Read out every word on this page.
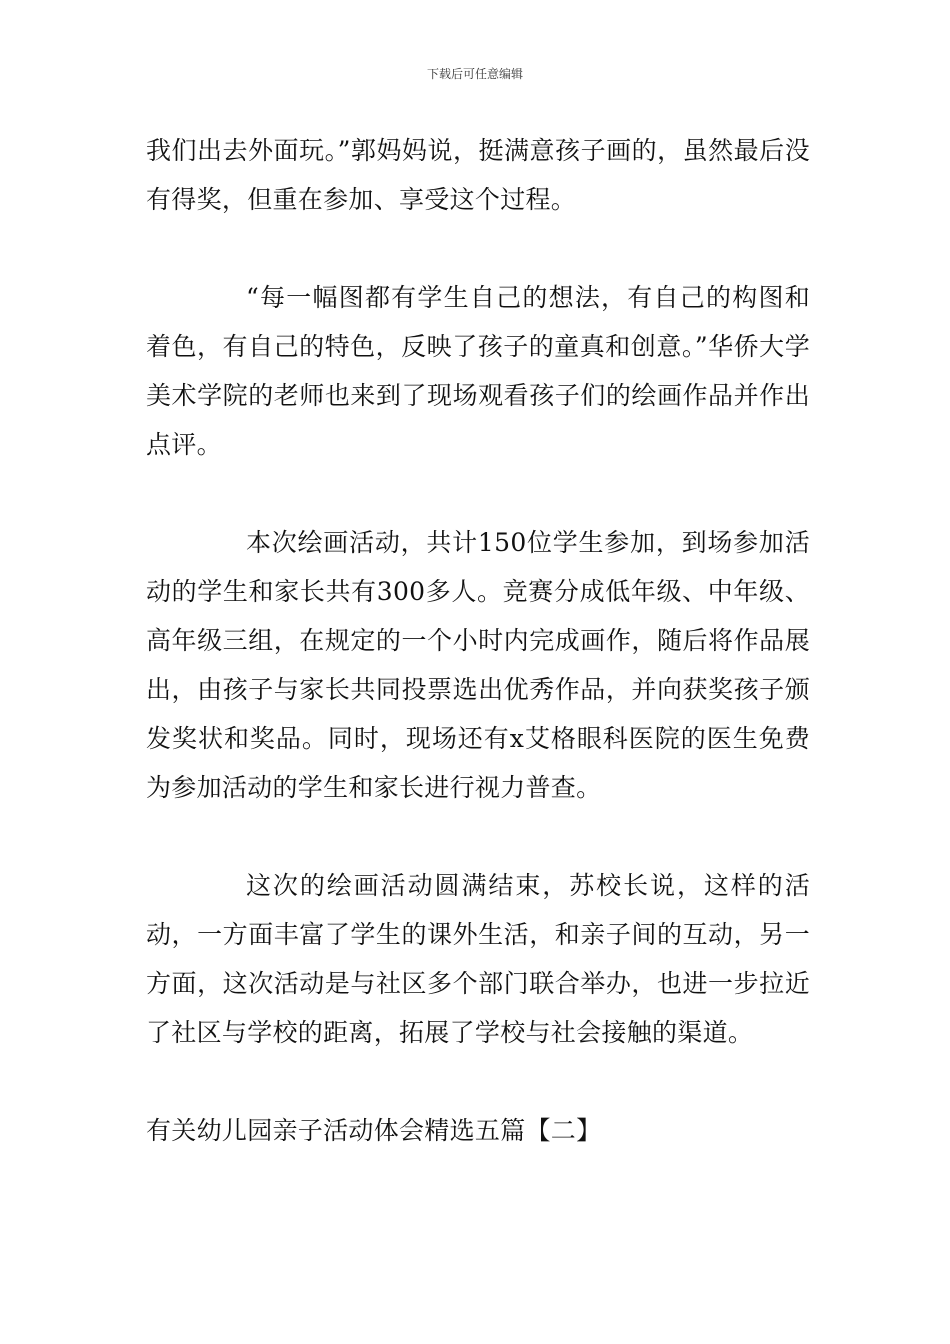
下载后可任意编辑

我们出去外面玩。”郭妈妈说，挺满意孩子画的，虽然最后没有得奖，但重在参加、享受这个过程。

“每一幅图都有学生自己的想法，有自己的构图和着色，有自己的特色，反映了孩子的童真和创意。”华侨大学美术学院的老师也来到了现场观看孩子们的绘画作品并作出点评。

本次绘画活动，共计150位学生参加，到场参加活动的学生和家长共有300多人。竞赛分成低年级、中年级、高年级三组，在规定的一个小时内完成画作，随后将作品展出，由孩子与家长共同投票选出优秀作品，并向获奖孩子颁发奖状和奖品。同时，现场还有x艾格眼科医院的医生免费为参加活动的学生和家长进行视力普查。

这次的绘画活动圆满结束，苏校长说，这样的活动，一方面丰富了学生的课外生活，和亲子间的互动，另一方面，这次活动是与社区多个部门联合举办，也进一步拉近了社区与学校的距离，拓展了学校与社会接触的渠道。

有关幼儿园亲子活动体会精选五篇【二】
